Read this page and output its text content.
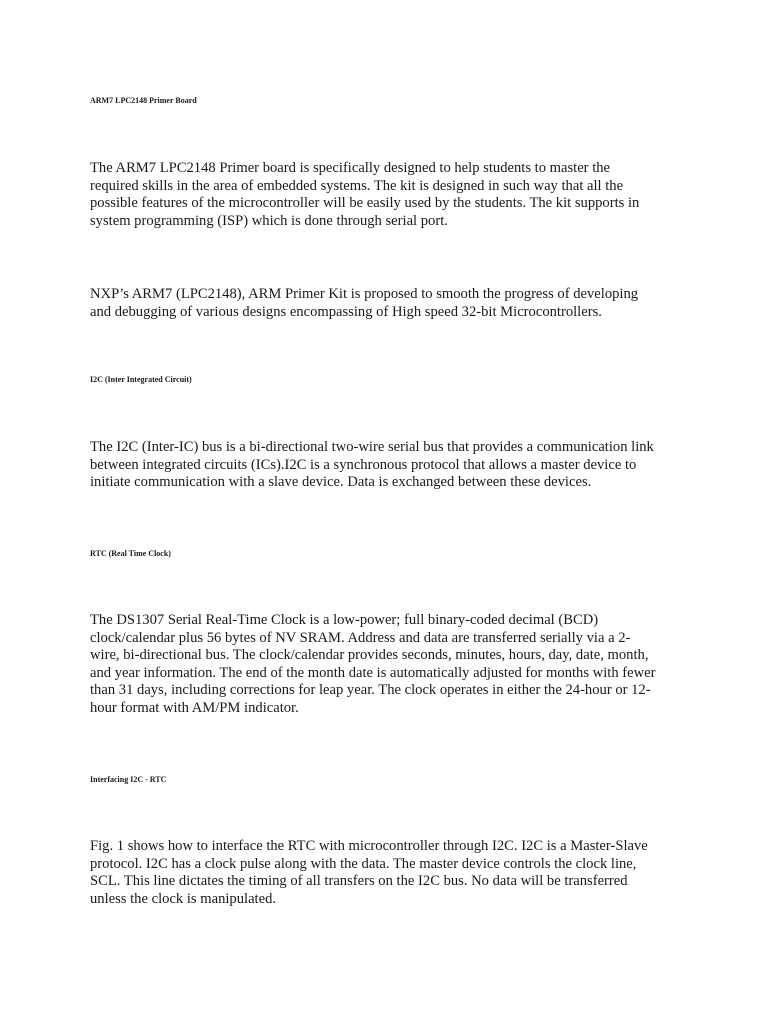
ARM7 LPC2148 Primer Board
The ARM7 LPC2148 Primer board is specifically designed to help students to master the
required skills in the area of embedded systems. The kit is designed in such way that all the
possible features of the microcontroller will be easily used by the students. The kit supports in
system programming (ISP) which is done through serial port.
NXP’s ARM7 (LPC2148), ARM Primer Kit is proposed to smooth the progress of developing
and debugging of various designs encompassing of High speed 32-bit Microcontrollers.
I2C (Inter Integrated Circuit)
The I2C (Inter-IC) bus is a bi-directional two-wire serial bus that provides a communication link
between integrated circuits (ICs).I2C is a synchronous protocol that allows a master device to
initiate communication with a slave device. Data is exchanged between these devices.
RTC (Real Time Clock)
The DS1307 Serial Real-Time Clock is a low-power; full binary-coded decimal (BCD)
clock/calendar plus 56 bytes of NV SRAM. Address and data are transferred serially via a 2-
wire, bi-directional bus. The clock/calendar provides seconds, minutes, hours, day, date, month,
and year information. The end of the month date is automatically adjusted for months with fewer
than 31 days, including corrections for leap year. The clock operates in either the 24-hour or 12-
hour format with AM/PM indicator.
Interfacing I2C - RTC
Fig. 1 shows how to interface the RTC with microcontroller through I2C. I2C is a Master-Slave
protocol. I2C has a clock pulse along with the data. The master device controls the clock line,
SCL. This line dictates the timing of all transfers on the I2C bus. No data will be transferred
unless the clock is manipulated.
